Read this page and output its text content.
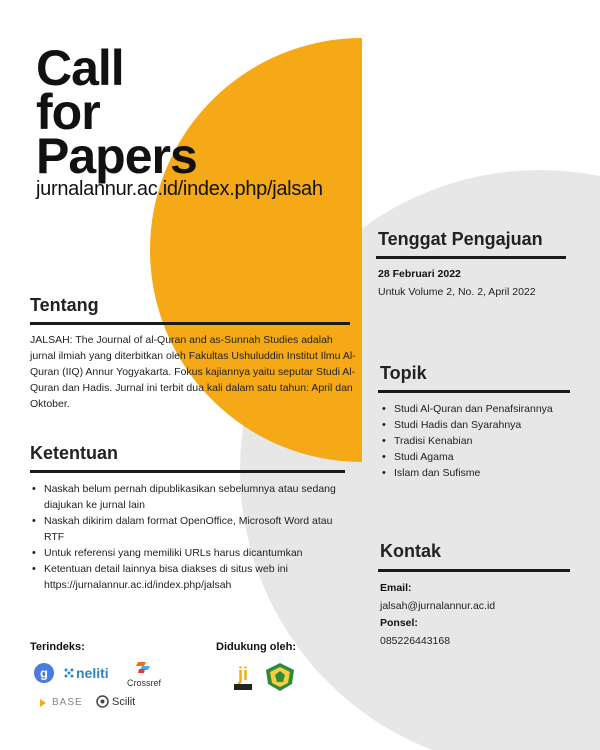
Call
for
Papers
jurnalannur.ac.id/index.php/jalsah
Tenggat Pengajuan
28 Februari 2022
Untuk Volume 2, No. 2, April 2022
Tentang
JALSAH: The Journal of al-Quran and as-Sunnah Studies adalah jurnal ilmiah yang diterbitkan oleh Fakultas Ushuluddin Institut Ilmu Al-Quran (IIQ) Annur Yogyakarta. Fokus kajiannya yaitu seputar Studi Al-Quran dan Hadis. Jurnal ini terbit dua kali dalam satu tahun: April dan Oktober.
Topik
• Studi Al-Quran dan Penafsirannya
• Studi Hadis dan Syarahnya
• Tradisi Kenabian
• Studi Agama
• Islam dan Sufisme
Ketentuan
• Naskah belum pernah dipublikasikan sebelumnya atau sedang diajukan ke jurnal lain
• Naskah dikirim dalam format OpenOffice, Microsoft Word atau RTF
• Untuk referensi yang memiliki URLs harus dicantumkan
• Ketentuan detail lainnya bisa diakses di situs web ini https://jurnalannur.ac.id/index.php/jalsah
Kontak
Email:
jalsah@jurnalannur.ac.id
Ponsel:
085226443168
Terindeks:
g neliti
Crossref
BASE	Scilit
Didukung oleh:
ji
